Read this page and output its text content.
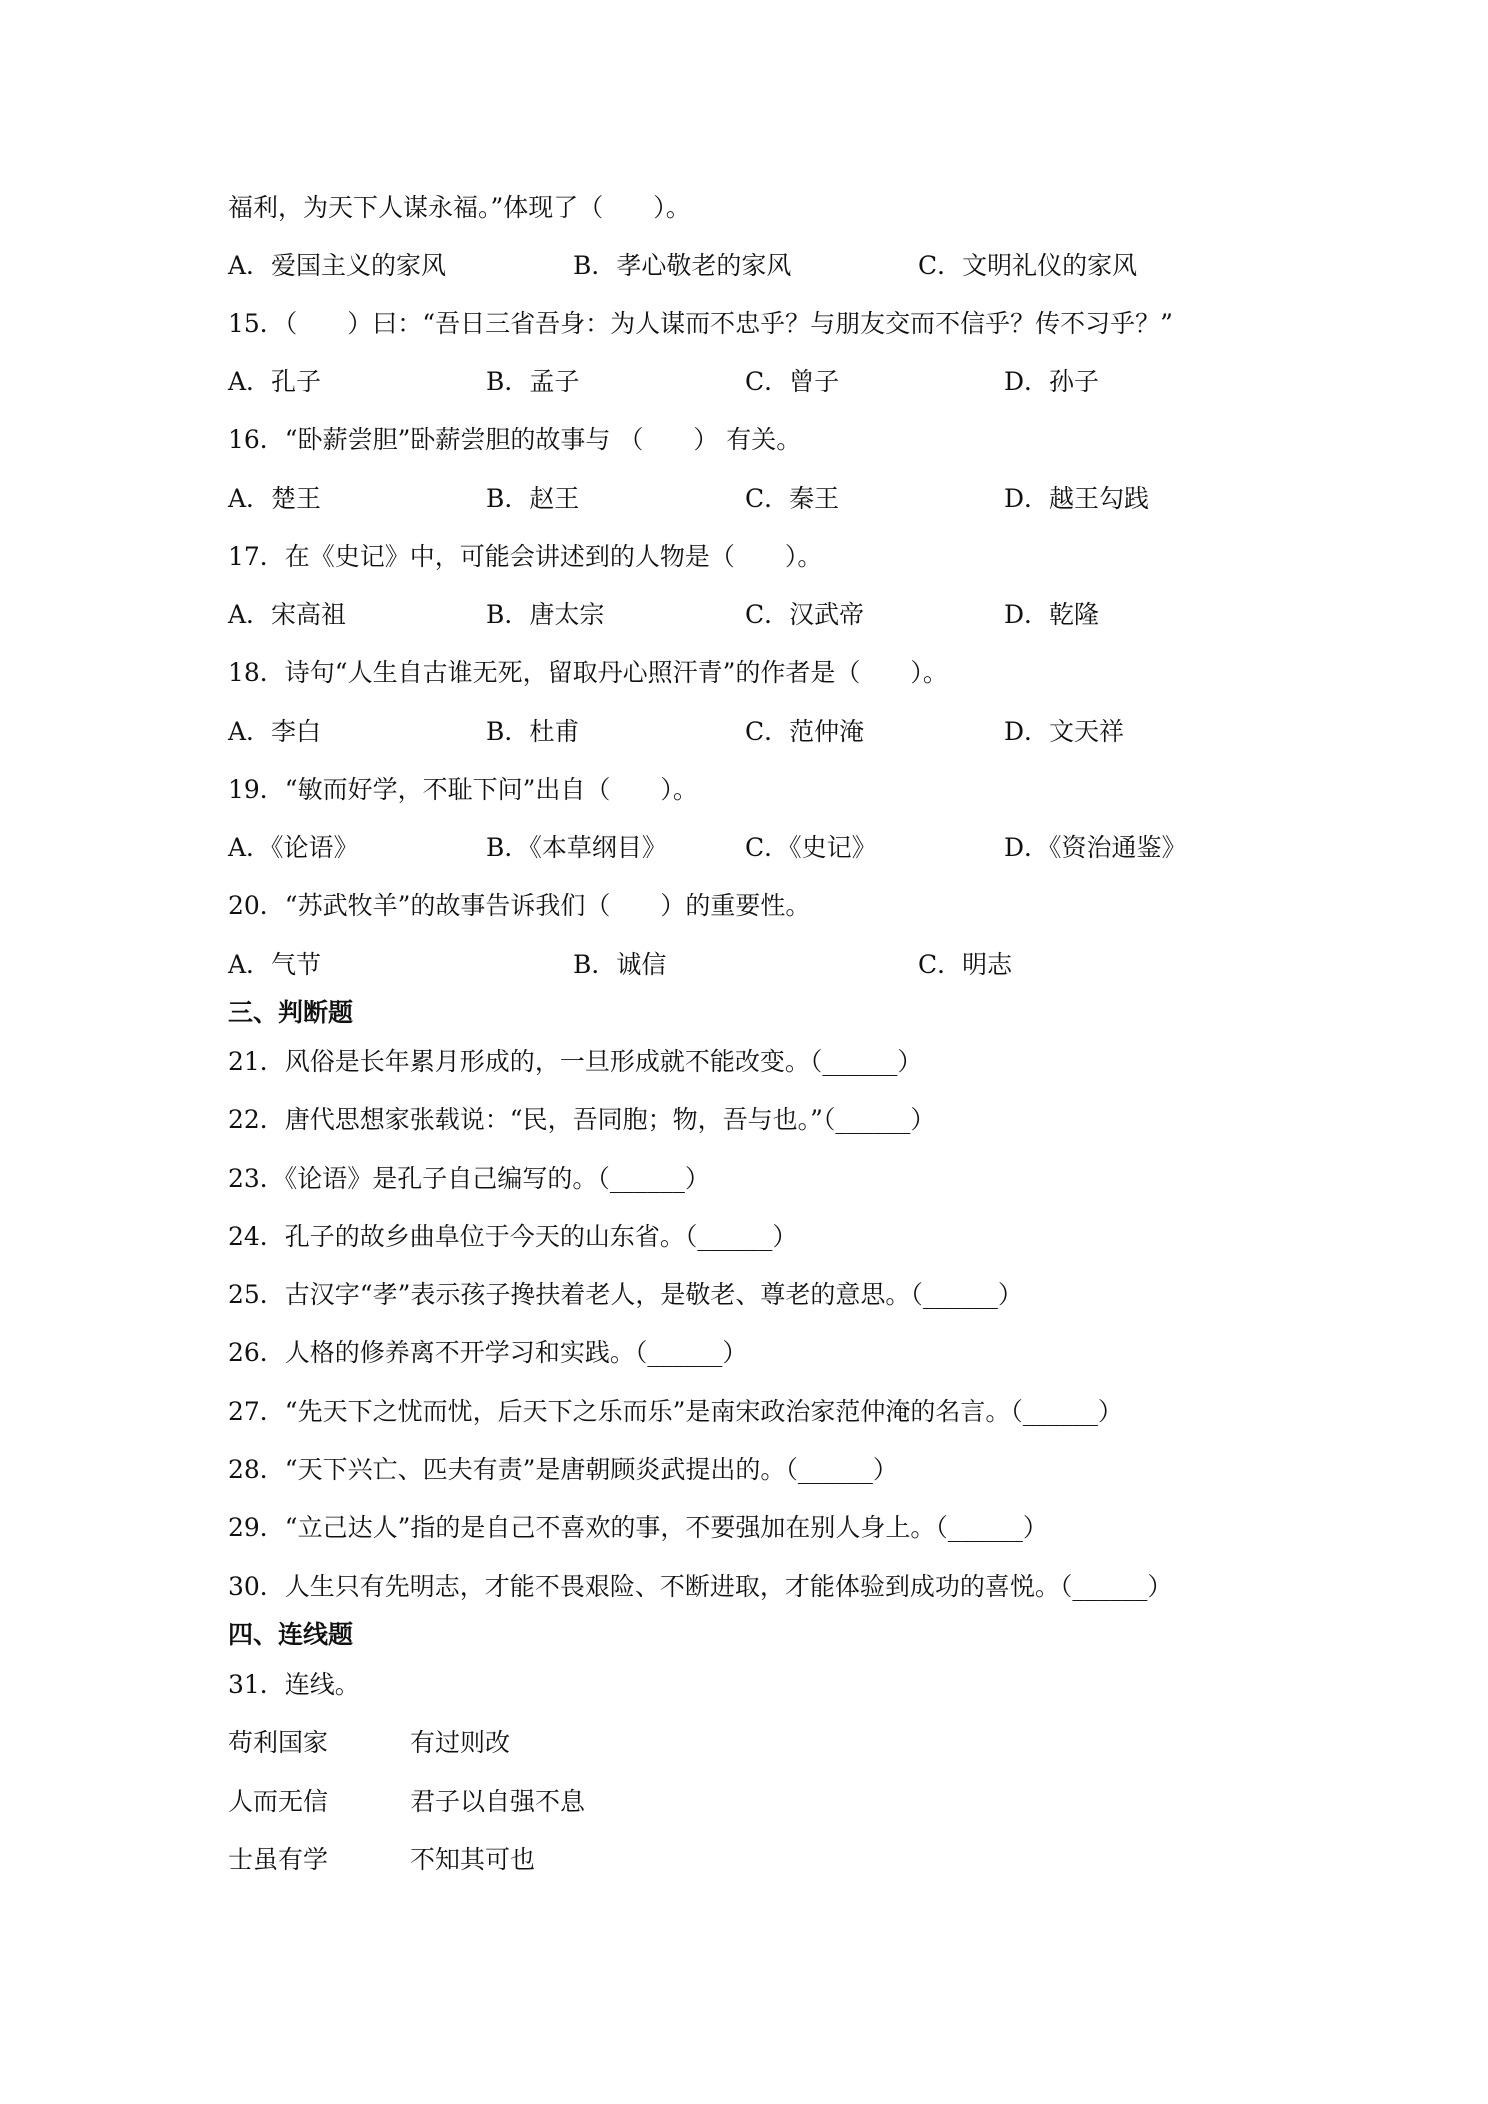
福利，为天下人谋永福。”体现了（　　）。
A．爱国主义的家风	B．孝心敬老的家风	C．文明礼仪的家风
15．（　　）曰：“吾日三省吾身：为人谋而不忠乎？与朋友交而不信乎？传不习乎？”
A．孔子	B．孟子	C．曾子	D．孙子
16．“卧薪尝胆”卧薪尝胆的故事与 （　　） 有关。
A．楚王	B．赵王	C．秦王	D．越王勾践
17．在《史记》中，可能会讲述到的人物是（　　）。
A．宋高祖	B．唐太宗	C．汉武帝	D．乾隆
18．诗句“人生自古谁无死，留取丹心照汗青”的作者是（　　）。
A．李白	B．杜甫	C．范仲淹	D．文天祥
19．“敏而好学，不耻下问”出自（　　）。
A．《论语》	B．《本草纲目》	C．《史记》	D．《资治通鉴》
20．“苏武牧羊”的故事告诉我们（　　）的重要性。
A．气节	B．诚信	C．明志
三、判断题
21．风俗是长年累月形成的，一旦形成就不能改变。（______）
22．唐代思想家张载说：“民，吾同胞；物，吾与也。”（______）
23．《论语》是孔子自己编写的。（______）
24．孔子的故乡曲阜位于今天的山东省。（______）
25．古汉字“孝”表示孩子搀扶着老人，是敬老、尊老的意思。（______）
26．人格的修养离不开学习和实践。（______）
27．“先天下之忧而忧，后天下之乐而乐”是南宋政治家范仲淹的名言。（______）
28．“天下兴亡、匹夫有责”是唐朝顾炎武提出的。（______）
29．“立己达人”指的是自己不喜欢的事，不要强加在别人身上。（______）
30．人生只有先明志，才能不畏艰险、不断进取，才能体验到成功的喜悦。（______）
四、连线题
31．连线。
苟利国家	有过则改
人而无信	君子以自强不息
士虽有学	不知其可也
